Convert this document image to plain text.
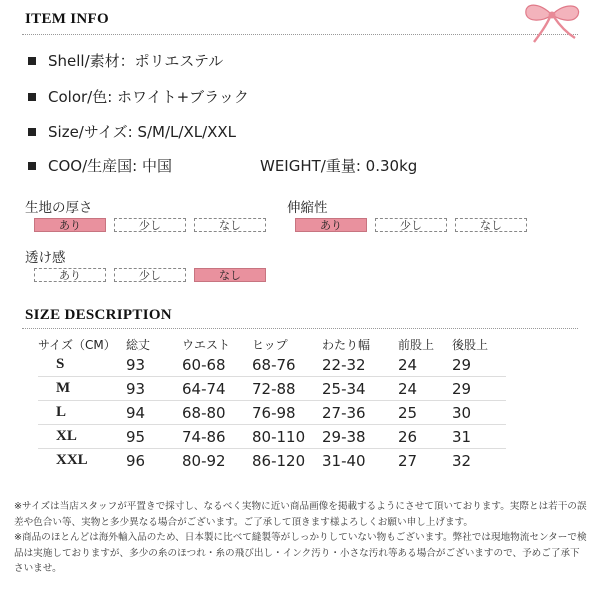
ITEM INFO
Shell/素材：ポリエステル
Color/色: ホワイト+ブラック
Size/サイズ: S/M/L/XL/XXL
COO/生産国: 中国	WEIGHT/重量: 0.30kg
生地の厚さ
あり	少し	なし
伸縮性
あり	少し	なし
透け感
あり	少し	なし
SIZE DESCRIPTION
サイズ（CM）	総丈	ウエスト	ヒップ	わたり幅	前股上	後股上
S	93	60-68	68-76	22-32	24	29
M	93	64-74	72-88	25-34	24	29
L	94	68-80	76-98	27-36	25	30
XL	95	74-86	80-110	29-38	26	31
XXL	96	80-92	86-120	31-40	27	32

※サイズは当店スタッフが平置きで採寸し、なるべく実物に近い商品画像を掲載するようにさせて頂いております。実際とは若干の誤差や色合い等、実物と多少異なる場合がございます。ご了承して頂きます様よろしくお願い申し上げます。

※商品のほとんどは海外輸入品のため、日本製に比べて縫製等がしっかりしていない物もございます。弊社では現地物流センターで検品は実施しておりますが、多少の糸のほつれ・糸の飛び出し・インク汚り・小さな汚れ等ある場合がございますので、予めご了承下さいませ。
